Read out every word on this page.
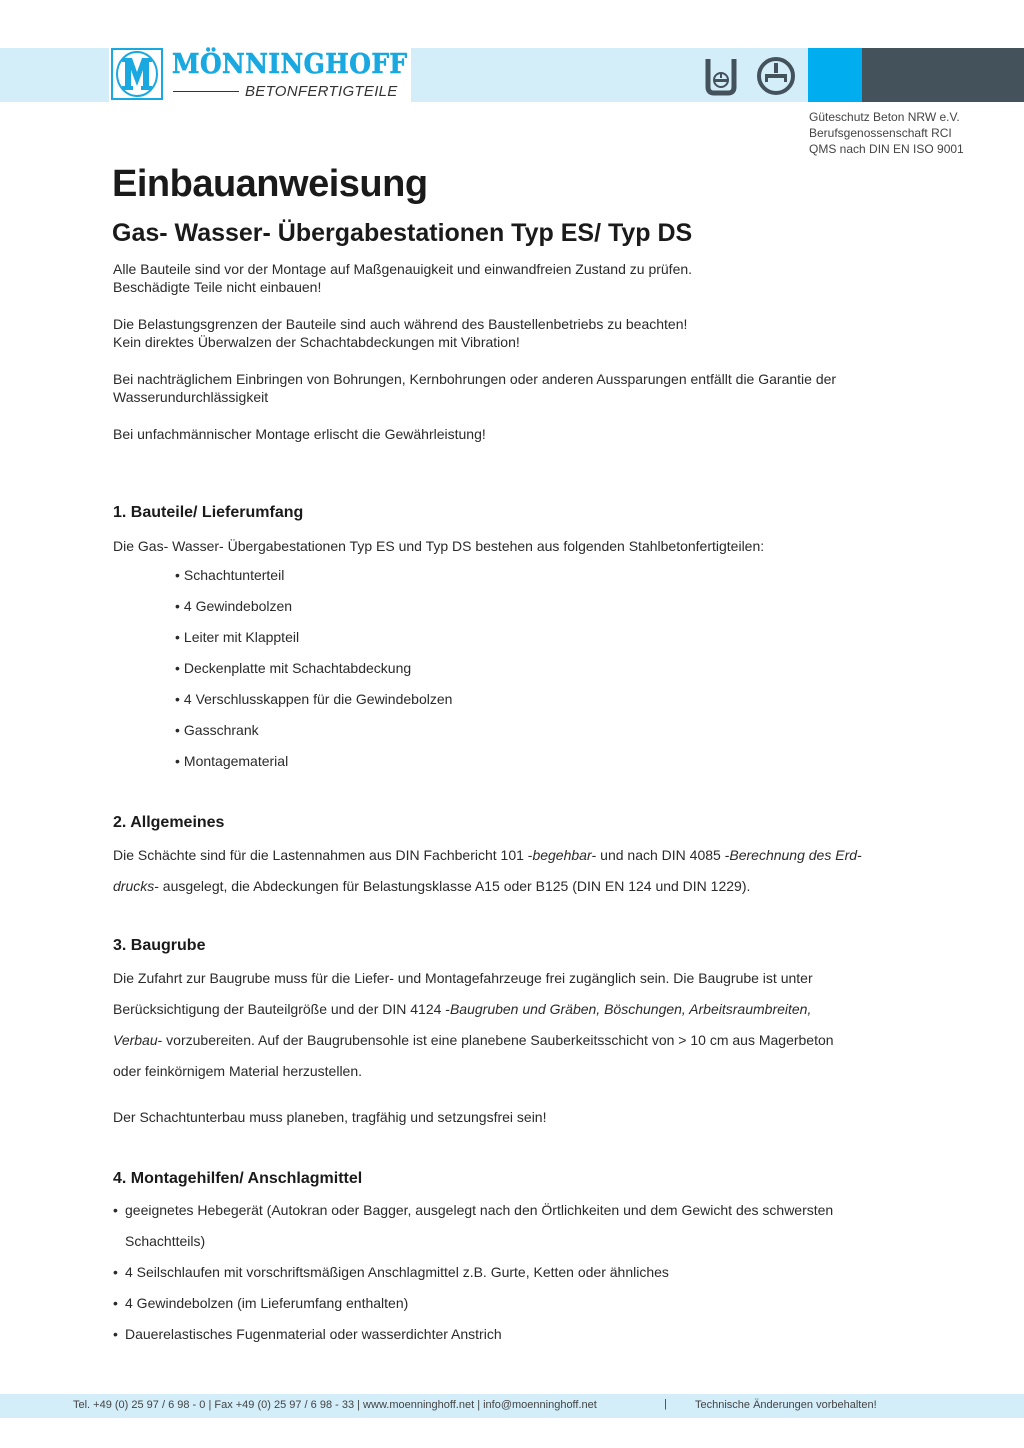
MÖNNINGHOFF
BETONFERTIGTEILE
Güteschutz Beton NRW e.V.
Berufsgenossenschaft RCI
QMS nach DIN EN ISO 9001
Einbauanweisung
Gas- Wasser- Übergabestationen Typ ES/ Typ DS

Alle Bauteile sind vor der Montage auf Maßgenauigkeit und einwandfreien Zustand zu prüfen.
Beschädigte Teile nicht einbauen!

Die Belastungsgrenzen der Bauteile sind auch während des Baustellenbetriebs zu beachten!
Kein direktes Überwalzen der Schachtabdeckungen mit Vibration!

Bei nachträglichem Einbringen von Bohrungen, Kernbohrungen oder anderen Aussparungen entfällt die Garantie der
Wasserundurchlässigkeit

Bei unfachmännischer Montage erlischt die Gewährleistung!

1. Bauteile/ Lieferumfang

Die Gas- Wasser- Übergabestationen Typ ES und Typ DS bestehen aus folgenden Stahlbetonfertigteilen:

• Schachtunterteil
• 4 Gewindebolzen
• Leiter mit Klappteil
• Deckenplatte mit Schachtabdeckung
• 4 Verschlusskappen für die Gewindebolzen
• Gasschrank
• Montagematerial
2. Allgemeines
Die Schächte sind für die Lastennahmen aus DIN Fachbericht 101 -begehbar- und nach DIN 4085 -Berechnung des Erd-
drucks- ausgelegt, die Abdeckungen für Belastungsklasse A15 oder B125 (DIN EN 124 und DIN 1229).
3. Baugrube
Die Zufahrt zur Baugrube muss für die Liefer- und Montagefahrzeuge frei zugänglich sein. Die Baugrube ist unter
Berücksichtigung der Bauteilgröße und der DIN 4124 -Baugruben und Gräben, Böschungen, Arbeitsraumbreiten,
Verbau- vorzubereiten. Auf der Baugrubensohle ist eine planebene Sauberkeitsschicht von > 10 cm aus Magerbeton
oder feinkörnigem Material herzustellen.

Der Schachtunterbau muss planeben, tragfähig und setzungsfrei sein!

4. Montagehilfen/ Anschlagmittel
• geeignetes Hebegerät (Autokran oder Bagger, ausgelegt nach den Örtlichkeiten und dem Gewicht des schwersten
Schachtteils)
• 4 Seilschlaufen mit vorschriftsmäßigen Anschlagmittel z.B. Gurte, Ketten oder ähnliches
• 4 Gewindebolzen (im Lieferumfang enthalten)
• Dauerelastisches Fugenmaterial oder wasserdichter Anstrich
Tel. +49 (0) 25 97 / 6 98 - 0 | Fax +49 (0) 25 97 / 6 98 - 33 | www.moenninghoff.net | info@moenninghoff.net	|	Technische Änderungen vorbehalten!
